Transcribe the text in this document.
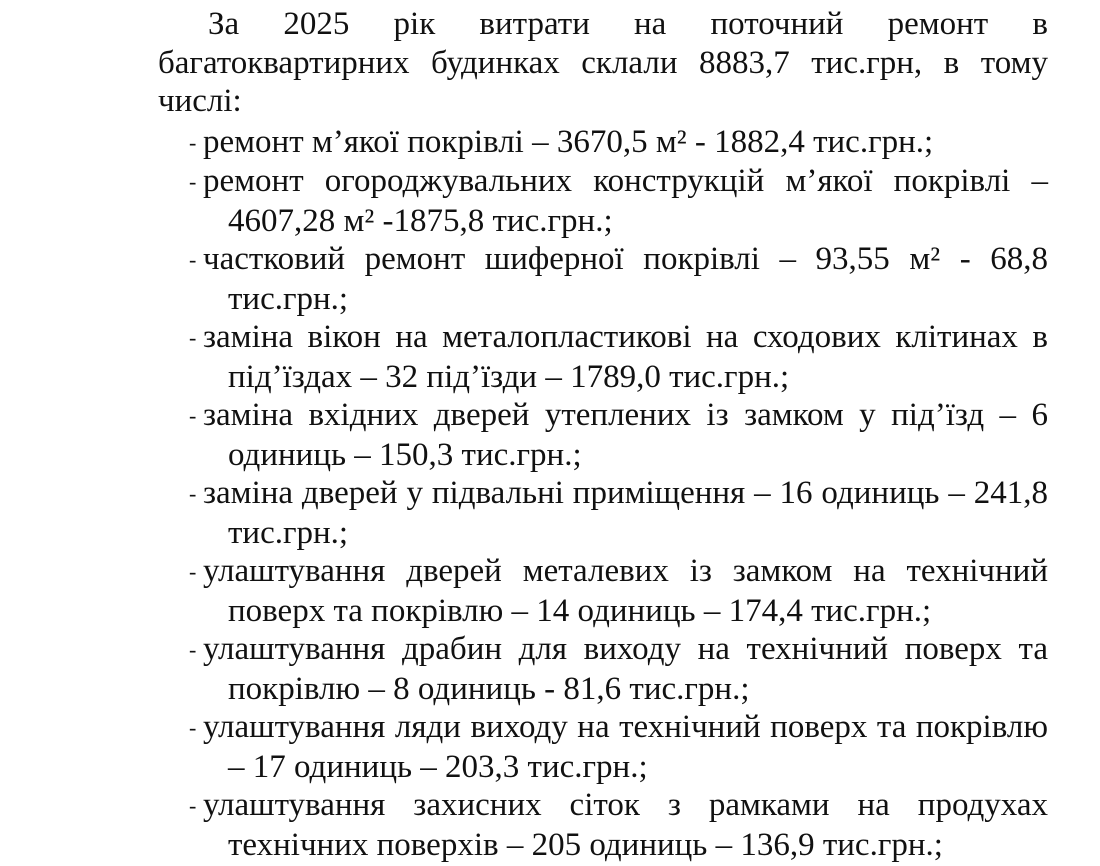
За 2025 рік витрати на поточний ремонт в багатоквартирних будинках склали 8883,7 тис.грн, в тому числі:

- ремонт м’якої покрівлі – 3670,5 м² - 1882,4 тис.грн.;
- ремонт огороджувальних конструкцій м’якої покрівлі – 4607,28 м² -1875,8 тис.грн.;
- частковий ремонт шиферної покрівлі – 93,55 м² - 68,8 тис.грн.;
- заміна вікон на металопластикові на сходових клітинах в під’їздах – 32 під’їзди – 1789,0 тис.грн.;
- заміна вхідних дверей утеплених із замком у під’їзд – 6 одиниць – 150,3 тис.грн.;
- заміна дверей у підвальні приміщення – 16 одиниць – 241,8 тис.грн.;
- улаштування дверей металевих із замком на технічний поверх та покрівлю – 14 одиниць – 174,4 тис.грн.;
- улаштування драбин для виходу на технічний поверх та покрівлю – 8 одиниць - 81,6 тис.грн.;
- улаштування ляди виходу на технічний поверх та покрівлю – 17 одиниць – 203,3 тис.грн.;
- улаштування захисних сіток з рамками на продухах технічних поверхів – 205 одиниць – 136,9 тис.грн.;
